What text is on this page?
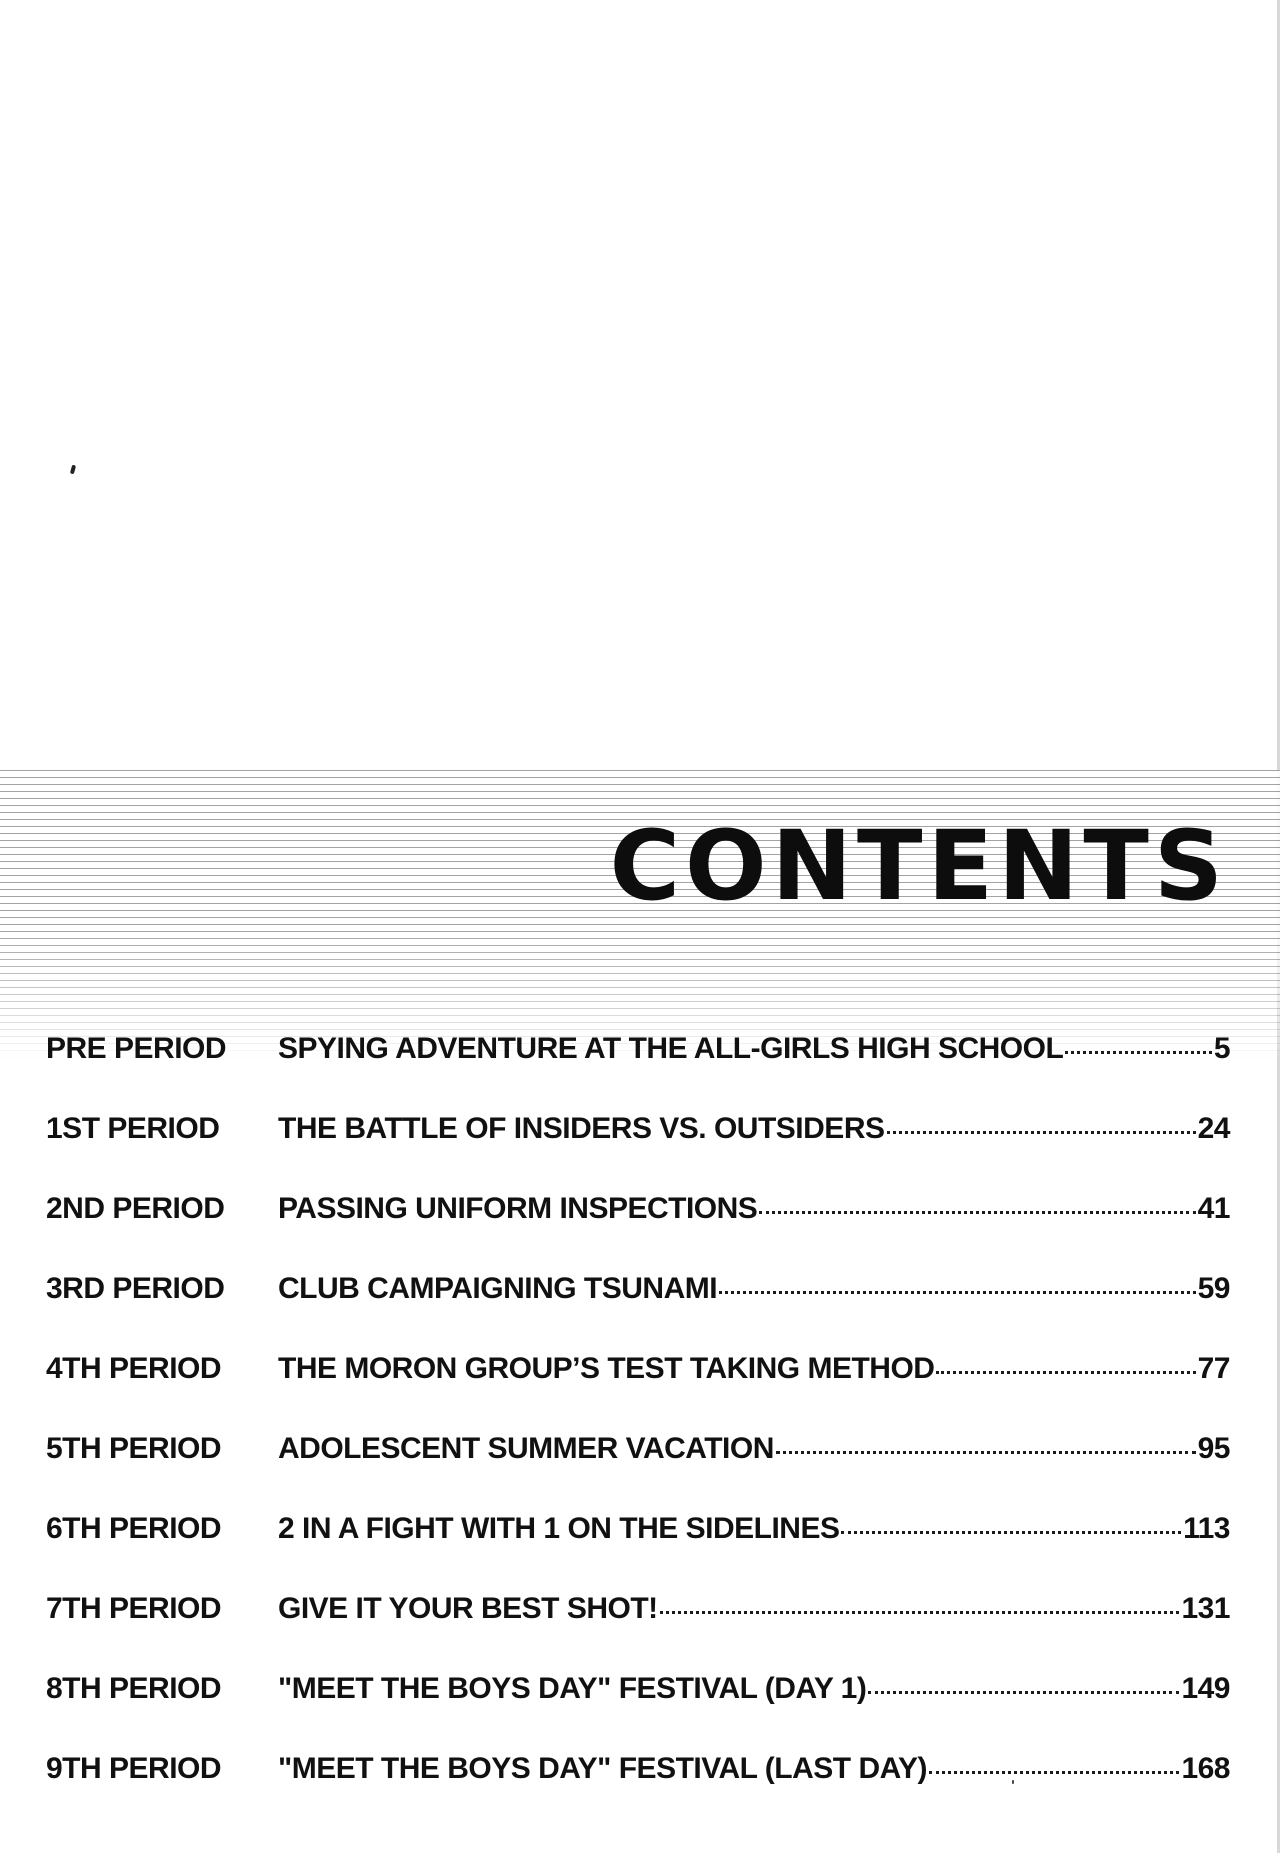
CONTENTS
PRE PERIOD	SPYING ADVENTURE AT THE ALL-GIRLS HIGH SCHOOL	5
1ST PERIOD	THE BATTLE OF INSIDERS VS. OUTSIDERS	24
2ND PERIOD	PASSING UNIFORM INSPECTIONS	41
3RD PERIOD	CLUB CAMPAIGNING TSUNAMI	59
4TH PERIOD	THE MORON GROUP’S TEST TAKING METHOD	77
5TH PERIOD	ADOLESCENT SUMMER VACATION	95
6TH PERIOD	2 IN A FIGHT WITH 1 ON THE SIDELINES	113
7TH PERIOD	GIVE IT YOUR BEST SHOT!	131
8TH PERIOD	"MEET THE BOYS DAY" FESTIVAL (DAY 1)	149
9TH PERIOD	"MEET THE BOYS DAY" FESTIVAL (LAST DAY)	168
